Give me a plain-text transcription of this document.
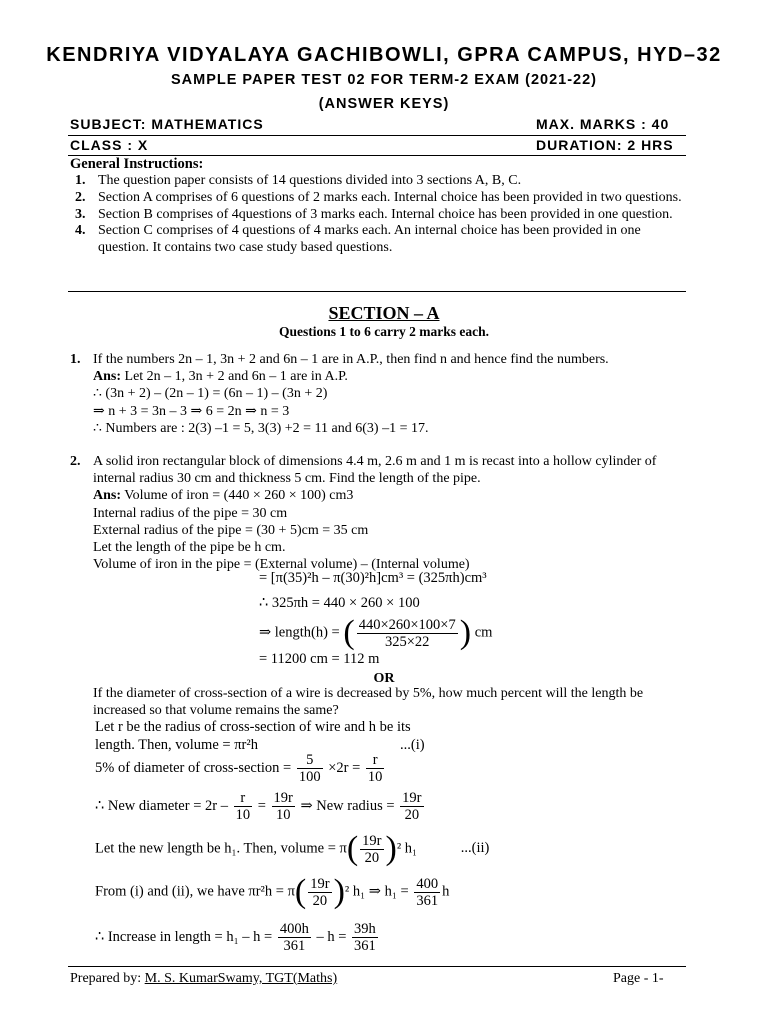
KENDRIYA VIDYALAYA GACHIBOWLI, GPRA CAMPUS, HYD–32
SAMPLE PAPER TEST 02 FOR TERM-2 EXAM (2021-22)
(ANSWER KEYS)
SUBJECT: MATHEMATICS	MAX. MARKS : 40
CLASS : X	DURATION: 2 HRS
General Instructions:
1. The question paper consists of 14 questions divided into 3 sections A, B, C.
2. Section A comprises of 6 questions of 2 marks each. Internal choice has been provided in two questions.
3. Section B comprises of 4questions of 3 marks each. Internal choice has been provided in one question.
4. Section C comprises of 4 questions of 4 marks each. An internal choice has been provided in one question. It contains two case study based questions.
SECTION – A
Questions 1 to 6 carry 2 marks each.
1. If the numbers 2n – 1, 3n + 2 and 6n – 1 are in A.P., then find n and hence find the numbers.
Ans: Let 2n – 1, 3n + 2 and 6n – 1 are in A.P.
∴ (3n + 2) – (2n – 1) = (6n – 1) – (3n + 2)
⇒ n + 3 = 3n – 3 ⇒ 6 = 2n ⇒ n = 3
∴ Numbers are : 2(3) –1 = 5, 3(3) +2 = 11 and 6(3) –1 = 17.
2. A solid iron rectangular block of dimensions 4.4 m, 2.6 m and 1 m is recast into a hollow cylinder of internal radius 30 cm and thickness 5 cm. Find the length of the pipe.
Ans: Volume of iron = (440 × 260 × 100) cm3
Internal radius of the pipe = 30 cm
External radius of the pipe = (30 + 5)cm = 35 cm
Let the length of the pipe be h cm.
Volume of iron in the pipe = (External volume) – (Internal volume)
= [π(35)²h – π(30)²h]cm³ = (325πh)cm³
∴ 325πh = 440 × 260 × 100
⇒ length(h) = ( $\frac{440\times 260\times 100\times 7}{325\times 22}$ ) cm
= 11200 cm = 112 m
OR
If the diameter of cross-section of a wire is decreased by 5%, how much percent will the length be increased so that volume remains the same?
Let r be the radius of cross-section of wire and h be its
length. Then, volume = πr²h	...(i)
5% of diameter of cross-section = $\frac{5}{100} \times 2r = \frac{r}{10}$
∴ New diameter = $2r - \frac{r}{10} = \frac{19r}{10}$ ⇒ New radius = $\frac{19r}{20}$
Let the new length be h₁. Then, volume = $\pi( \frac{19r}{20} )^2$ h₁	...(ii)
From (i) and (ii), we have $\pi r^2h = \pi( \frac{19r}{20} )^2$ h₁ ⇒ $h_1 = \frac{400}{361}$ h
∴ Increase in length = $h_1 - h = \frac{400h}{361} - h = \frac{39h}{361}$
Prepared by: M. S. KumarSwamy, TGT(Maths)	Page - 1-
